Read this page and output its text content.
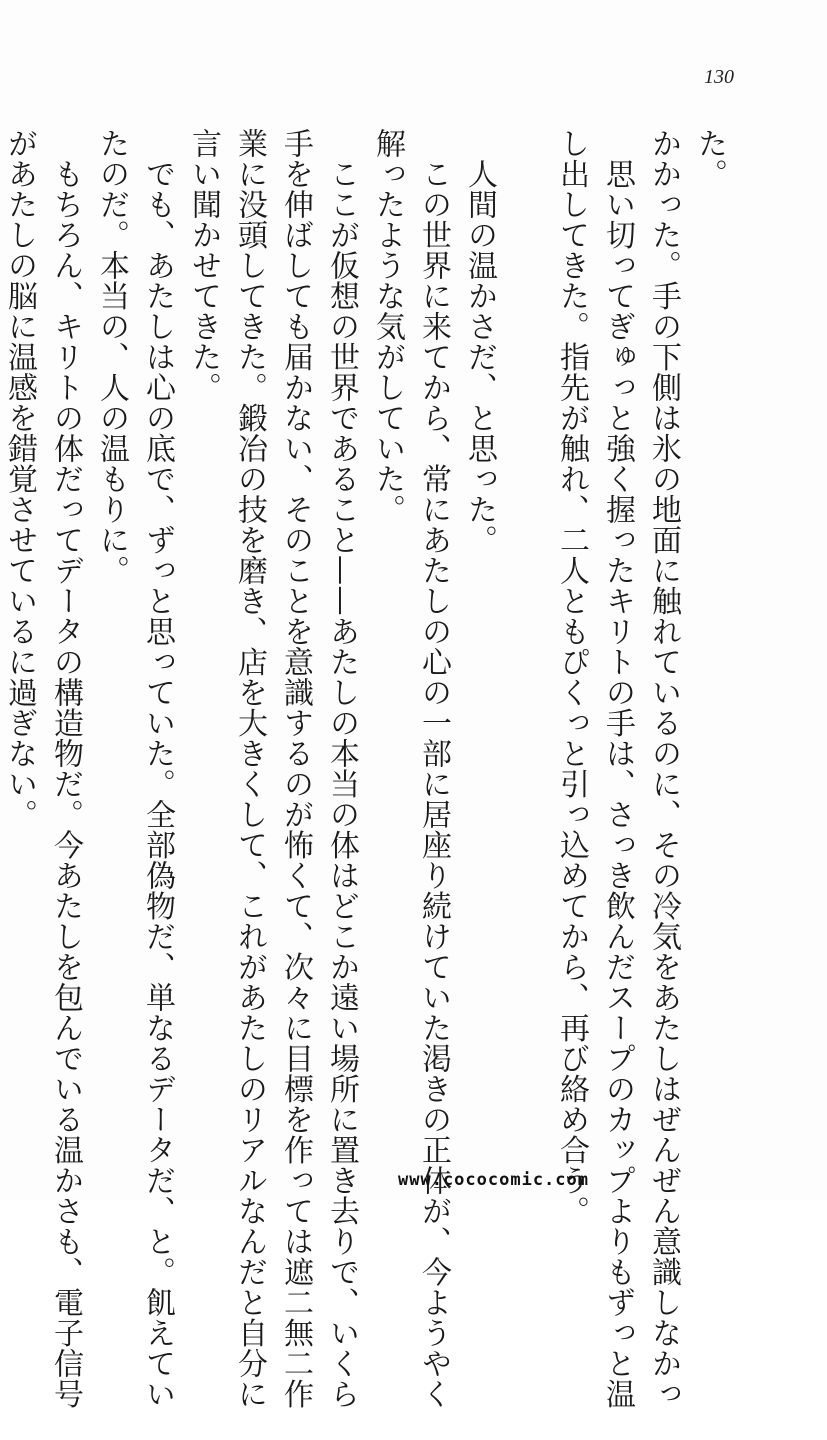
130
た。
かかった。手の下側は氷の地面に触れているのに、その冷気をあたしはぜんぜん意識しなかっ
　思い切ってぎゅっと強く握ったキリトの手は、さっき飲んだスープのカップよりもずっと温
し出してきた。指先が触れ、二人ともぴくっと引っ込めてから、再び絡め合う。
　人間の温かさだ、と思った。
　この世界に来てから、常にあたしの心の一部に居座り続けていた渇きの正体が、今ようやく
解ったような気がしていた。
　ここが仮想の世界であること——あたしの本当の体はどこか遠い場所に置き去りで、いくら
手を伸ばしても届かない、そのことを意識するのが怖くて、次々に目標を作っては遮二無二作
業に没頭してきた。鍛冶の技を磨き、店を大きくして、これがあたしのリアルなんだと自分に
言い聞かせてきた。
　でも、あたしは心の底で、ずっと思っていた。全部偽物だ、単なるデータだ、と。飢えてい
たのだ。本当の、人の温もりに。
　もちろん、キリトの体だってデータの構造物だ。今あたしを包んでいる温かさも、電子信号
があたしの脳に温感を錯覚させているに過ぎない。
www.cococomic.com
